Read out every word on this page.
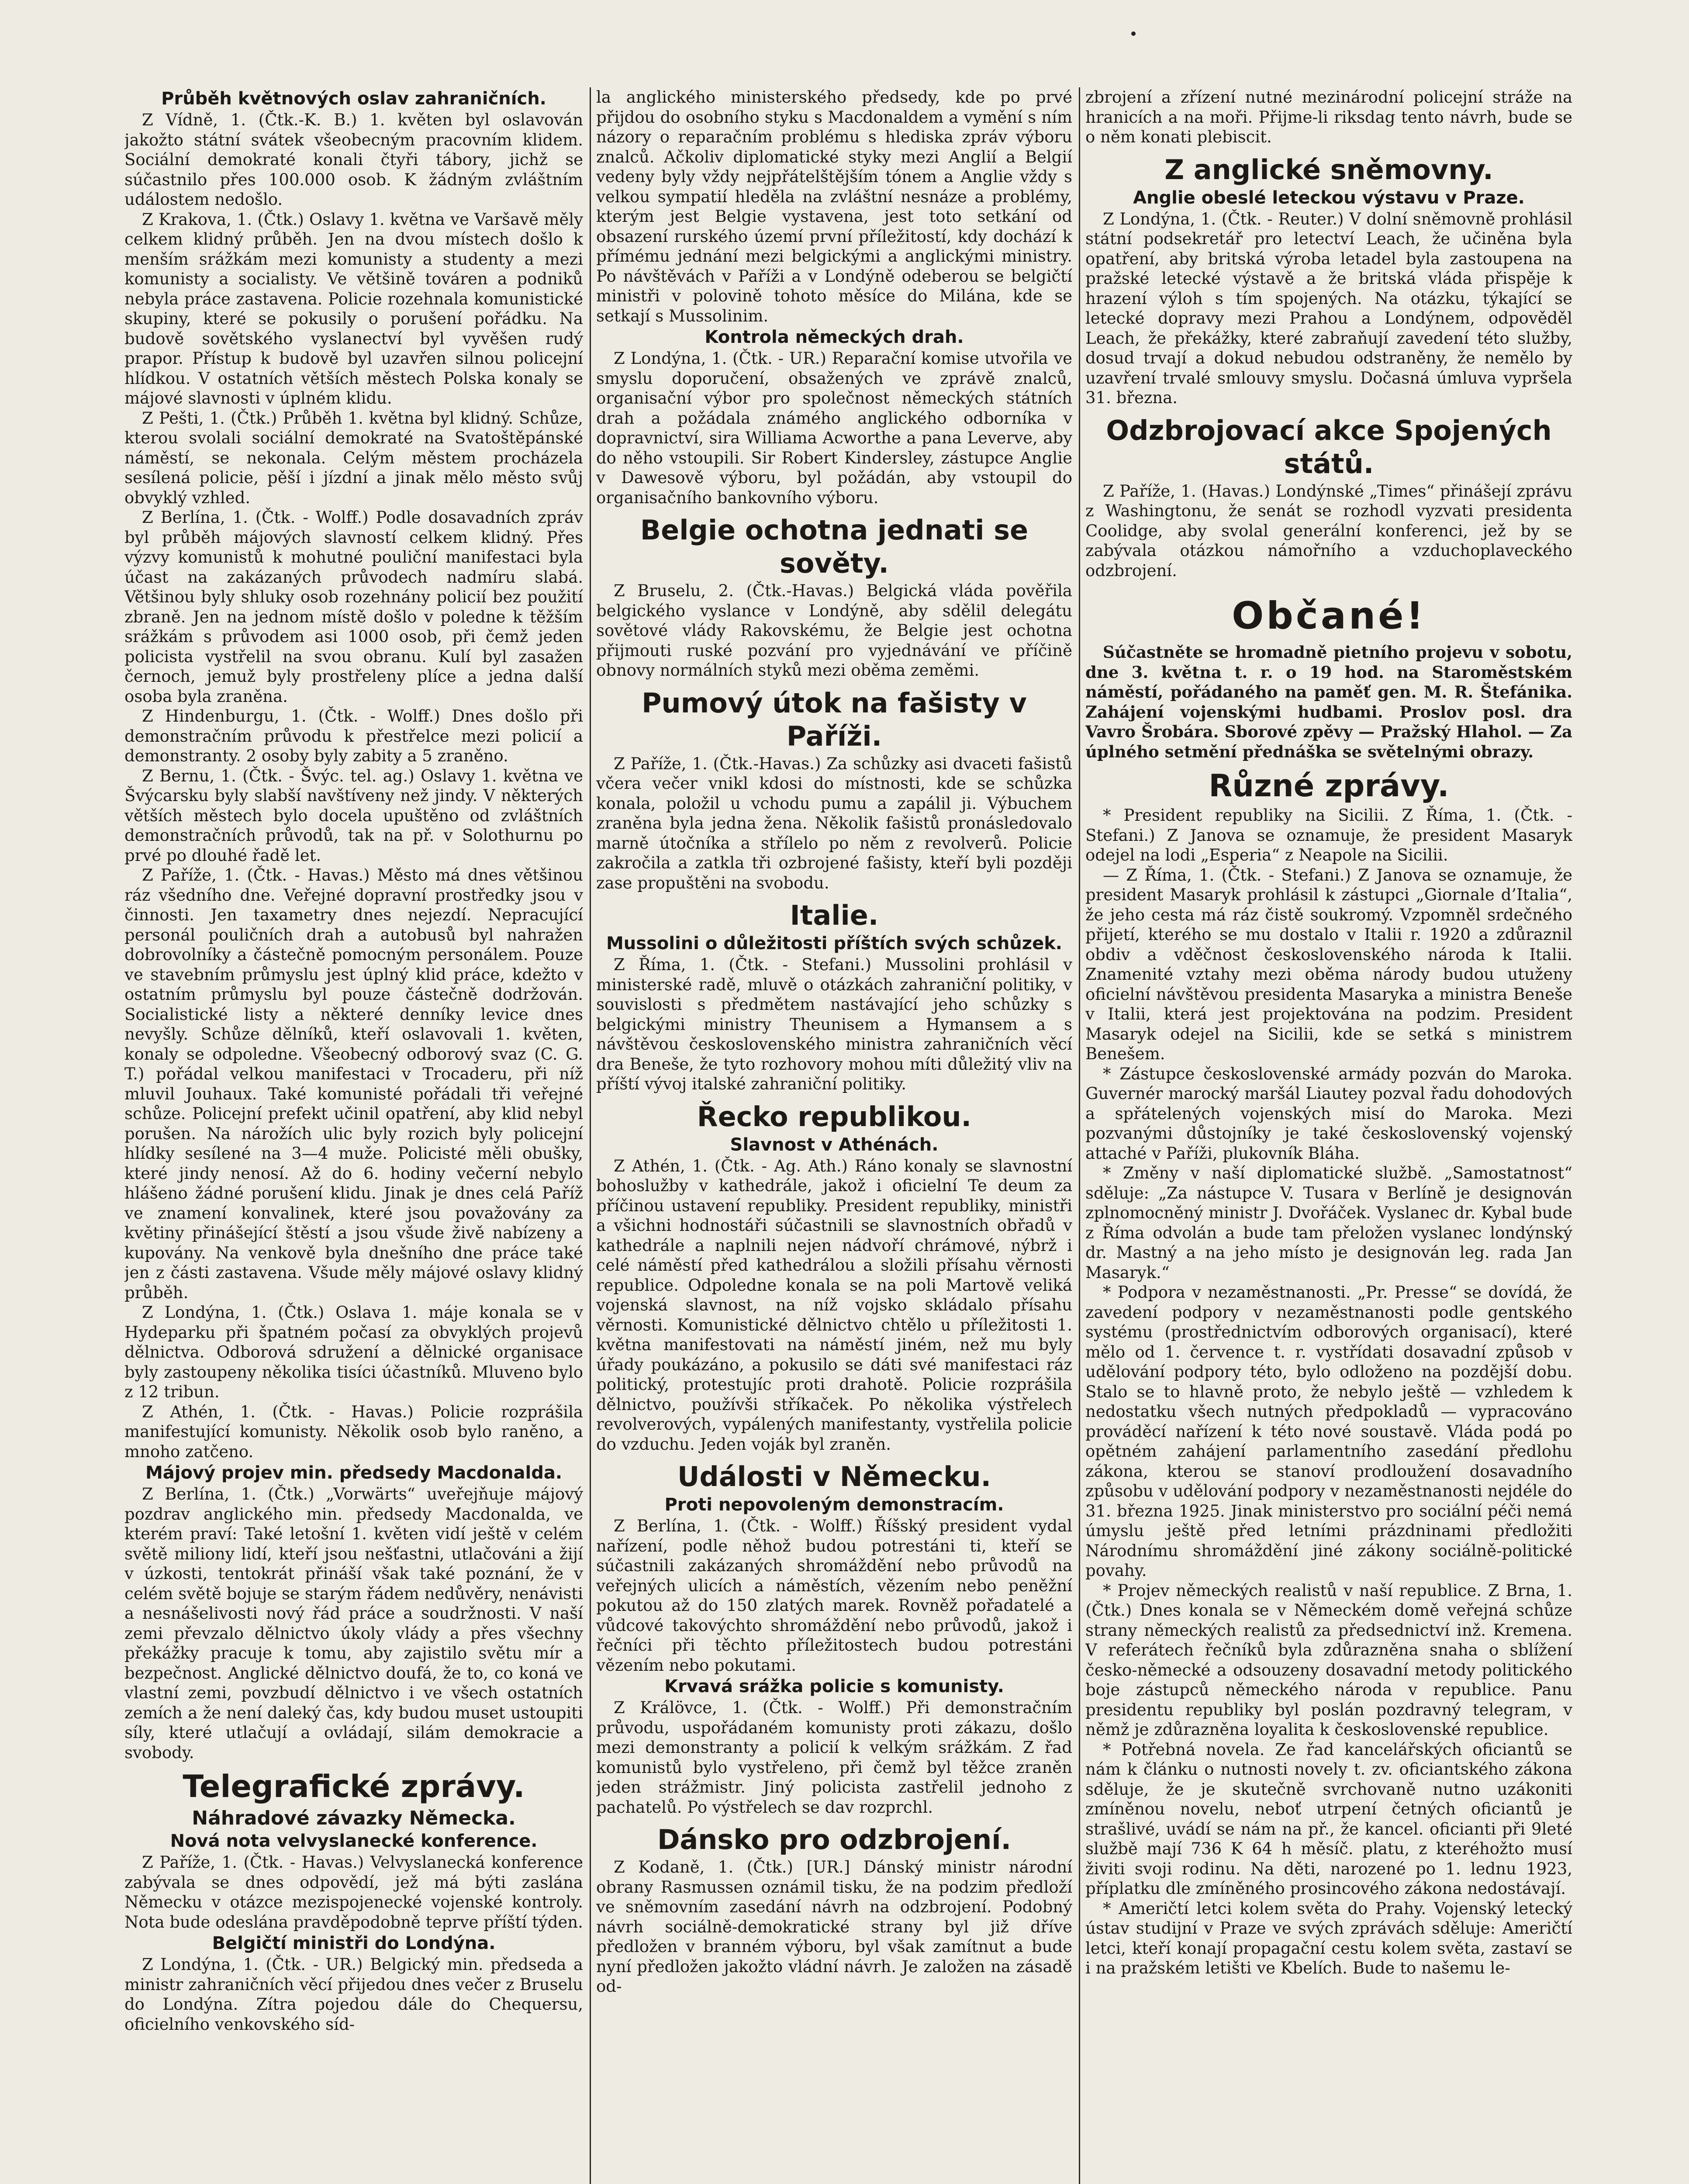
Průběh květnových oslav zahraničních.

Z Vídně, 1. (Čtk.-K. B.) 1. květen byl oslavován jakožto státní svátek všeobecným pracovním klidem. Sociální demokraté konali čtyři tábory, jichž se súčastnilo přes 100.000 osob. K žádným zvláštním událostem nedošlo.

Z Krakova, 1. (Čtk.) Oslavy 1. května ve Varšavě měly celkem klidný průběh. Jen na dvou místech došlo k menším srážkám mezi komunisty a studenty a mezi komunisty a socialisty. Ve většině továren a podniků nebyla práce zastavena. Policie rozehnala komunistické skupiny, které se pokusily o porušení pořádku. Na budově sovětského vyslanectví byl vyvěšen rudý prapor. Přístup k budově byl uzavřen silnou policejní hlídkou. V ostatních větších městech Polska konaly se májové slavnosti v úplném klidu.

Z Pešti, 1. (Čtk.) Průběh 1. května byl klidný. Schůze, kterou svolali sociální demokraté na Svatoštěpánské náměstí, se nekonala. Celým městem procházela sesílená policie, pěší i jízdní a jinak mělo město svůj obvyklý vzhled.

Z Berlína, 1. (Čtk. - Wolff.) Podle dosavadních zpráv byl průběh májových slavností celkem klidný. Přes výzvy komunistů k mohutné pouliční manifestaci byla účast na zakázaných průvodech nadmíru slabá. Většinou byly shluky osob rozehnány policií bez použití zbraně. Jen na jednom místě došlo v poledne k těžším srážkám s průvodem asi 1000 osob, při čemž jeden policista vystřelil na svou obranu. Kulí byl zasažen černoch, jemuž byly prostřeleny plíce a jedna další osoba byla zraněna.

Z Hindenburgu, 1. (Čtk. - Wolff.) Dnes došlo při demonstračním průvodu k přestřelce mezi policií a demonstranty. 2 osoby byly zabity a 5 zraněno.

Z Bernu, 1. (Čtk. - Švýc. tel. ag.) Oslavy 1. května ve Švýcarsku byly slabší navštíveny než jindy. V některých větších městech bylo docela upuštěno od zvláštních demonstračních průvodů, tak na př. v Solothurnu po prvé po dlouhé řadě let.

Z Paříže, 1. (Čtk. - Havas.) Město má dnes většinou ráz všedního dne. Veřejné dopravní prostředky jsou v činnosti. Jen taxametry dnes nejezdí. Nepracující personál pouličních drah a autobusů byl nahražen dobrovolníky a částečně pomocným personálem. Pouze ve stavebním průmyslu jest úplný klid práce, kdežto v ostatním průmyslu byl pouze částečně dodržován. Socialistické listy a některé denníky levice dnes nevyšly. Schůze dělníků, kteří oslavovali 1. květen, konaly se odpoledne. Všeobecný odborový svaz (C. G. T.) pořádal velkou manifestaci v Trocaderu, při níž mluvil Jouhaux. Také komunisté pořádali tři veřejné schůze. Policejní prefekt učinil opatření, aby klid nebyl porušen. Na nárožích ulic byly rozich byly policejní hlídky sesílené na 3—4 muže. Policisté měli obušky, které jindy nenosí. Až do 6. hodiny večerní nebylo hlášeno žádné porušení klidu. Jinak je dnes celá Paříž ve znamení konvalinek, které jsou považovány za květiny přinášející štěstí a jsou všude živě nabízeny a kupovány. Na venkově byla dnešního dne práce také jen z části zastavena. Všude měly májové oslavy klidný průběh.

Z Londýna, 1. (Čtk.) Oslava 1. máje konala se v Hydeparku při špatném počasí za obvyklých projevů dělnictva. Odborová sdružení a dělnické organisace byly zastoupeny několika tisíci účastníků. Mluveno bylo z 12 tribun.

Z Athén, 1. (Čtk. - Havas.) Policie rozprášila manifestující komunisty. Několik osob bylo raněno, a mnoho zatčeno.

Májový projev min. předsedy Macdonalda.

Z Berlína, 1. (Čtk.) „Vorwärts“ uveřejňuje májový pozdrav anglického min. předsedy Macdonalda, ve kterém praví: Také letošní 1. květen vidí ještě v celém světě miliony lidí, kteří jsou nešťastni, utlačováni a žijí v úzkosti, tentokrát přináší však také poznání, že v celém světě bojuje se starým řádem nedůvěry, nenávisti a nesnášelivosti nový řád práce a soudržnosti. V naší zemi převzalo dělnictvo úkoly vlády a přes všechny překážky pracuje k tomu, aby zajistilo světu mír a bezpečnost. Anglické dělnictvo doufá, že to, co koná ve vlastní zemi, povzbudí dělnictvo i ve všech ostatních zemích a že není daleký čas, kdy budou muset ustoupiti síly, které utlačují a ovládají, silám demokracie a svobody.

Telegrafické zprávy.
Náhradové závazky Německa.
Nová nota velvyslanecké konference.

Z Paříže, 1. (Čtk. - Havas.) Velvyslanecká konference zabývala se dnes odpovědí, jež má býti zaslána Německu v otázce mezispojenecké vojenské kontroly. Nota bude odeslána pravděpodobně teprve příští týden.

Belgičtí ministři do Londýna.

Z Londýna, 1. (Čtk. - UR.) Belgický min. předseda a ministr zahraničních věcí přijedou dnes večer z Bruselu do Londýna. Zítra pojedou dále do Chequersu, oficielního venkovského síd-

la anglického ministerského předsedy, kde po prvé přijdou do osobního styku s Macdonaldem a vymění s ním názory o reparačním problému s hlediska zpráv výboru znalců. Ačkoliv diplomatické styky mezi Anglií a Belgií vedeny byly vždy nejpřátelštějším tónem a Anglie vždy s velkou sympatií hleděla na zvláštní nesnáze a problémy, kterým jest Belgie vystavena, jest toto setkání od obsazení rurského území první příležitostí, kdy dochází k přímému jednání mezi belgickými a anglickými ministry. Po návštěvách v Paříži a v Londýně odeberou se belgičtí ministři v polovině tohoto měsíce do Milána, kde se setkají s Mussolinim.

Kontrola německých drah.

Z Londýna, 1. (Čtk. - UR.) Reparační komise utvořila ve smyslu doporučení, obsažených ve zprávě znalců, organisační výbor pro společnost německých státních drah a požádala známého anglického odborníka v dopravnictví, sira Williama Acworthe a pana Leverve, aby do něho vstoupili. Sir Robert Kindersley, zástupce Anglie v Dawesově výboru, byl požádán, aby vstoupil do organisačního bankovního výboru.

Belgie ochotna jednati se sověty.

Z Bruselu, 2. (Čtk.-Havas.) Belgická vláda pověřila belgického vyslance v Londýně, aby sdělil delegátu sovětové vlády Rakovskému, že Belgie jest ochotna přijmouti ruské pozvání pro vyjednávání ve příčině obnovy normálních styků mezi oběma zeměmi.

Pumový útok na fašisty v Paříži.

Z Paříže, 1. (Čtk.-Havas.) Za schůzky asi dvaceti fašistů včera večer vnikl kdosi do místnosti, kde se schůzka konala, položil u vchodu pumu a zapálil ji. Výbuchem zraněna byla jedna žena. Několik fašistů pronásledovalo marně útočníka a střílelo po něm z revolverů. Policie zakročila a zatkla tři ozbrojené fašisty, kteří byli později zase propuštěni na svobodu.

Italie.
Mussolini o důležitosti příštích svých schůzek.

Z Říma, 1. (Čtk. - Stefani.) Mussolini prohlásil v ministerské radě, mluvě o otázkách zahraniční politiky, v souvislosti s předmětem nastávající jeho schůzky s belgickými ministry Theunisem a Hymansem a s návštěvou československého ministra zahraničních věcí dra Beneše, že tyto rozhovory mohou míti důležitý vliv na příští vývoj italské zahraniční politiky.

Řecko republikou.
Slavnost v Athénách.

Z Athén, 1. (Čtk. - Ag. Ath.) Ráno konaly se slavnostní bohoslužby v kathedrále, jakož i oficielní Te deum za příčinou ustavení republiky. President republiky, ministři a všichni hodnostáři súčastnili se slavnostních obřadů v kathedrále a naplnili nejen nádvoří chrámové, nýbrž i celé náměstí před kathedrálou a složili přísahu věrnosti republice. Odpoledne konala se na poli Martově veliká vojenská slavnost, na níž vojsko skládalo přísahu věrnosti. Komunistické dělnictvo chtělo u příležitosti 1. května manifestovati na náměstí jiném, než mu byly úřady poukázáno, a pokusilo se dáti své manifestaci ráz politický, protestujíc proti drahotě. Policie rozprášila dělnictvo, používši stříkaček. Po několika výstřelech revolverových, vypálených manifestanty, vystřelila policie do vzduchu. Jeden voják byl zraněn.

Události v Německu.
Proti nepovoleným demonstracím.

Z Berlína, 1. (Čtk. - Wolff.) Říšský president vydal nařízení, podle něhož budou potrestáni ti, kteří se súčastnili zakázaných shromáždění nebo průvodů na veřejných ulicích a náměstích, vězením nebo peněžní pokutou až do 150 zlatých marek. Rovněž pořadatelé a vůdcové takovýchto shromáždění nebo průvodů, jakož i řečníci při těchto příležitostech budou potrestáni vězením nebo pokutami.

Krvavá srážka policie s komunisty.

Z Králövce, 1. (Čtk. - Wolff.) Při demonstračním průvodu, uspořádaném komunisty proti zákazu, došlo mezi demonstranty a policií k velkým srážkám. Z řad komunistů bylo vystřeleno, při čemž byl těžce zraněn jeden strážmistr. Jiný policista zastřelil jednoho z pachatelů. Po výstřelech se dav rozprchl.

Dánsko pro odzbrojení.

Z Kodaně, 1. (Čtk.) [UR.] Dánský ministr národní obrany Rasmussen oznámil tisku, že na podzim předloží ve sněmovním zasedání návrh na odzbrojení. Podobný návrh sociálně-demokratické strany byl již dříve předložen v branném výboru, byl však zamítnut a bude nyní předložen jakožto vládní návrh. Je založen na zásadě od-

zbrojení a zřízení nutné mezinárodní policejní stráže na hranicích a na moři. Přijme-li riksdag tento návrh, bude se o něm konati plebiscit.

Z anglické sněmovny.
Anglie obeslé leteckou výstavu v Praze.

Z Londýna, 1. (Čtk. - Reuter.) V dolní sněmovně prohlásil státní podsekretář pro letectví Leach, že učiněna byla opatření, aby britská výroba letadel byla zastoupena na pražské letecké výstavě a že britská vláda přispěje k hrazení výloh s tím spojených. Na otázku, týkající se letecké dopravy mezi Prahou a Londýnem, odpověděl Leach, že překážky, které zabraňují zavedení této služby, dosud trvají a dokud nebudou odstraněny, že nemělo by uzavření trvalé smlouvy smyslu. Dočasná úmluva vypršela 31. března.

Odzbrojovací akce Spojených států.

Z Paříže, 1. (Havas.) Londýnské „Times“ přinášejí zprávu z Washingtonu, že senát se rozhodl vyzvati presidenta Coolidge, aby svolal generální konferenci, jež by se zabývala otázkou námořního a vzduchoplaveckého odzbrojení.

Občané!

Súčastněte se hromadně pietního projevu v sobotu, dne 3. května t. r. o 19 hod. na Staroměstském náměstí, pořádaného na paměť gen. M. R. Štefánika. Zahájení vojenskými hudbami. Proslov posl. dra Vavro Šrobára. Sborové zpěvy — Pražský Hlahol. — Za úplného setmění přednáška se světelnými obrazy.

Různé zprávy.

* President republiky na Sicilii. Z Říma, 1. (Čtk. - Stefani.) Z Janova se oznamuje, že president Masaryk odejel na lodi „Esperia“ z Neapole na Sicilii.

— Z Říma, 1. (Čtk. - Stefani.) Z Janova se oznamuje, že president Masaryk prohlásil k zástupci „Giornale d’Italia“, že jeho cesta má ráz čistě soukromý. Vzpomněl srdečného přijetí, kterého se mu dostalo v Italii r. 1920 a zdůraznil obdiv a vděčnost československého národa k Italii. Znamenité vztahy mezi oběma národy budou utuženy oficielní návštěvou presidenta Masaryka a ministra Beneše v Italii, která jest projektována na podzim. President Masaryk odejel na Sicilii, kde se setká s ministrem Benešem.

* Zástupce československé armády pozván do Maroka. Guvernér marocký maršál Liautey pozval řadu dohodových a spřátelených vojenských misí do Maroka. Mezi pozvanými důstojníky je také československý vojenský attaché v Paříži, plukovník Bláha.

* Změny v naší diplomatické službě. „Samostatnost“ sděluje: „Za nástupce V. Tusara v Berlíně je designován zplnomocněný ministr J. Dvořáček. Vyslanec dr. Kybal bude z Říma odvolán a bude tam přeložen vyslanec londýnský dr. Mastný a na jeho místo je designován leg. rada Jan Masaryk.“

* Podpora v nezaměstnanosti. „Pr. Presse“ se dovídá, že zavedení podpory v nezaměstnanosti podle gentského systému (prostřednictvím odborových organisací), které mělo od 1. července t. r. vystřídati dosavadní způsob v udělování podpory této, bylo odloženo na pozdější dobu. Stalo se to hlavně proto, že nebylo ještě — vzhledem k nedostatku všech nutných předpokladů — vypracováno prováděcí nařízení k této nové soustavě. Vláda podá po opětném zahájení parlamentního zasedání předlohu zákona, kterou se stanoví prodloužení dosavadního způsobu v udělování podpory v nezaměstnanosti nejdéle do 31. března 1925. Jinak ministerstvo pro sociální péči nemá úmyslu ještě před letními prázdninami předložiti Národnímu shromáždění jiné zákony sociálně-politické povahy.

* Projev německých realistů v naší republice. Z Brna, 1. (Čtk.) Dnes konala se v Německém domě veřejná schůze strany německých realistů za předsednictví inž. Kremena. V referátech řečníků byla zdůrazněna snaha o sblížení česko-německé a odsouzeny dosavadní metody politického boje zástupců německého národa v republice. Panu presidentu republiky byl poslán pozdravný telegram, v němž je zdůrazněna loyalita k československé republice.

* Potřebná novela. Ze řad kancelářských oficiantů se nám k článku o nutnosti novely t. zv. oficiantského zákona sděluje, že je skutečně svrchovaně nutno uzákoniti zmíněnou novelu, neboť utrpení četných oficiantů je strašlivé, uvádí se nám na př., že kancel. oficianti při 9leté službě mají 736 K 64 h měsíč. platu, z kteréhožto musí živiti svoji rodinu. Na děti, narozené po 1. lednu 1923, příplatku dle zmíněného prosincového zákona nedostávají.

* Američtí letci kolem světa do Prahy. Vojenský letecký ústav studijní v Praze ve svých zprávách sděluje: Američtí letci, kteří konají propagační cestu kolem světa, zastaví se i na pražském letišti ve Kbelích. Bude to našemu le-
